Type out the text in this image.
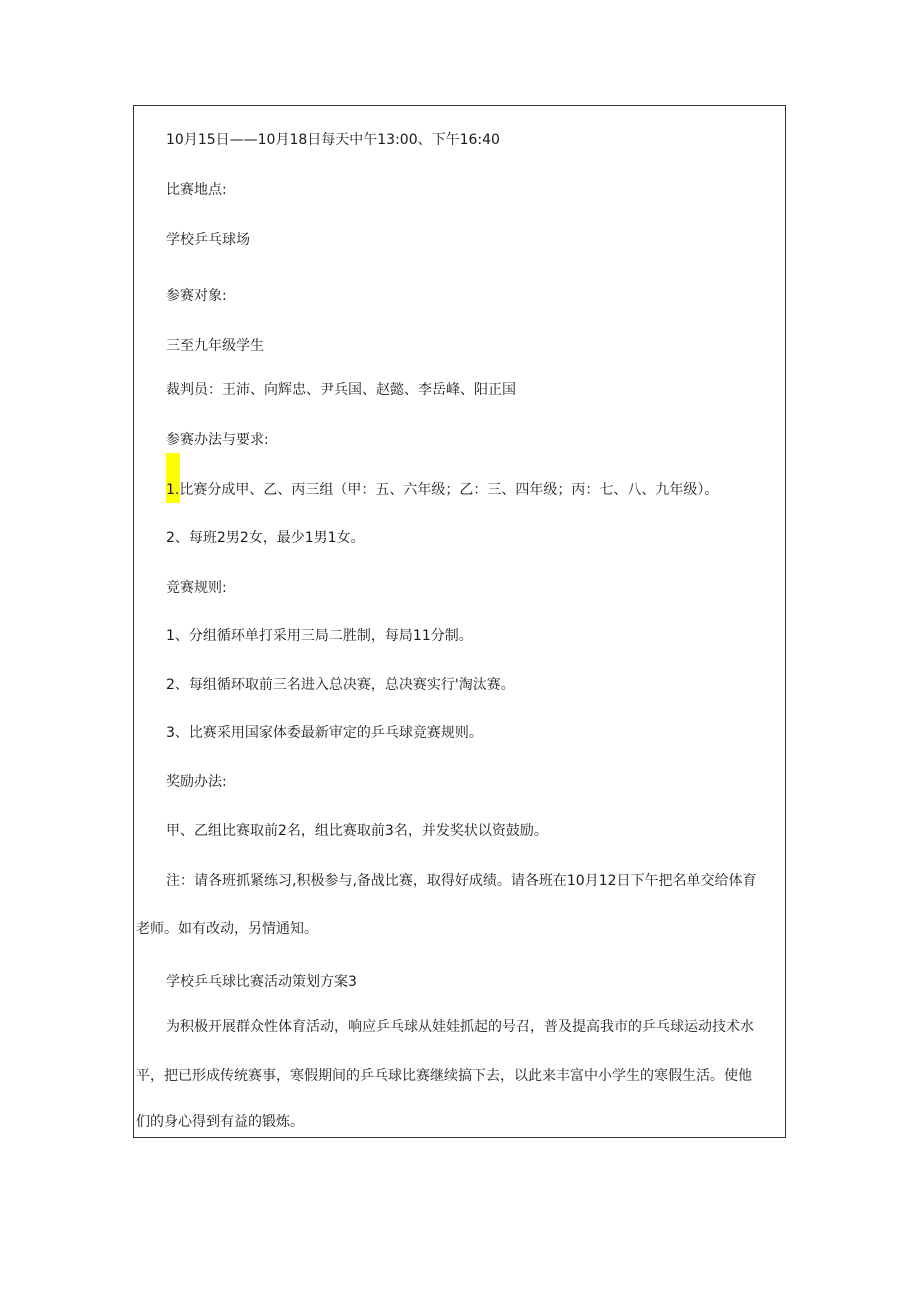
10月15日——10月18日每天中午13:00、下午16:40
比赛地点:
学校乒乓球场
参赛对象:
三至九年级学生
裁判员：王沛、向辉忠、尹兵国、赵懿、李岳峰、阳正国
参赛办法与要求:
1.比赛分成甲、乙、丙三组（甲：五、六年级；乙：三、四年级；丙：七、八、九年级）。
2、每班2男2女，最少1男1女。
竞赛规则:
1、分组循环单打采用三局二胜制，每局11分制。
2、每组循环取前三名进入总决赛，总决赛实行'淘汰赛。
3、比赛采用国家体委最新审定的乒乓球竞赛规则。
奖励办法:
甲、乙组比赛取前2名，组比赛取前3名，并发奖状以资鼓励。
注：请各班抓紧练习,积极参与,备战比赛，取得好成绩。请各班在10月12日下午把名单交给体育
老师。如有改动，另情通知。
学校乒乓球比赛活动策划方案3
为积极开展群众性体育活动，响应乒乓球从娃娃抓起的号召，普及提高我市的乒乓球运动技术水
平，把已形成传统赛事，寒假期间的乒乓球比赛继续搞下去，以此来丰富中小学生的寒假生活。使他
们的身心得到有益的锻炼。
